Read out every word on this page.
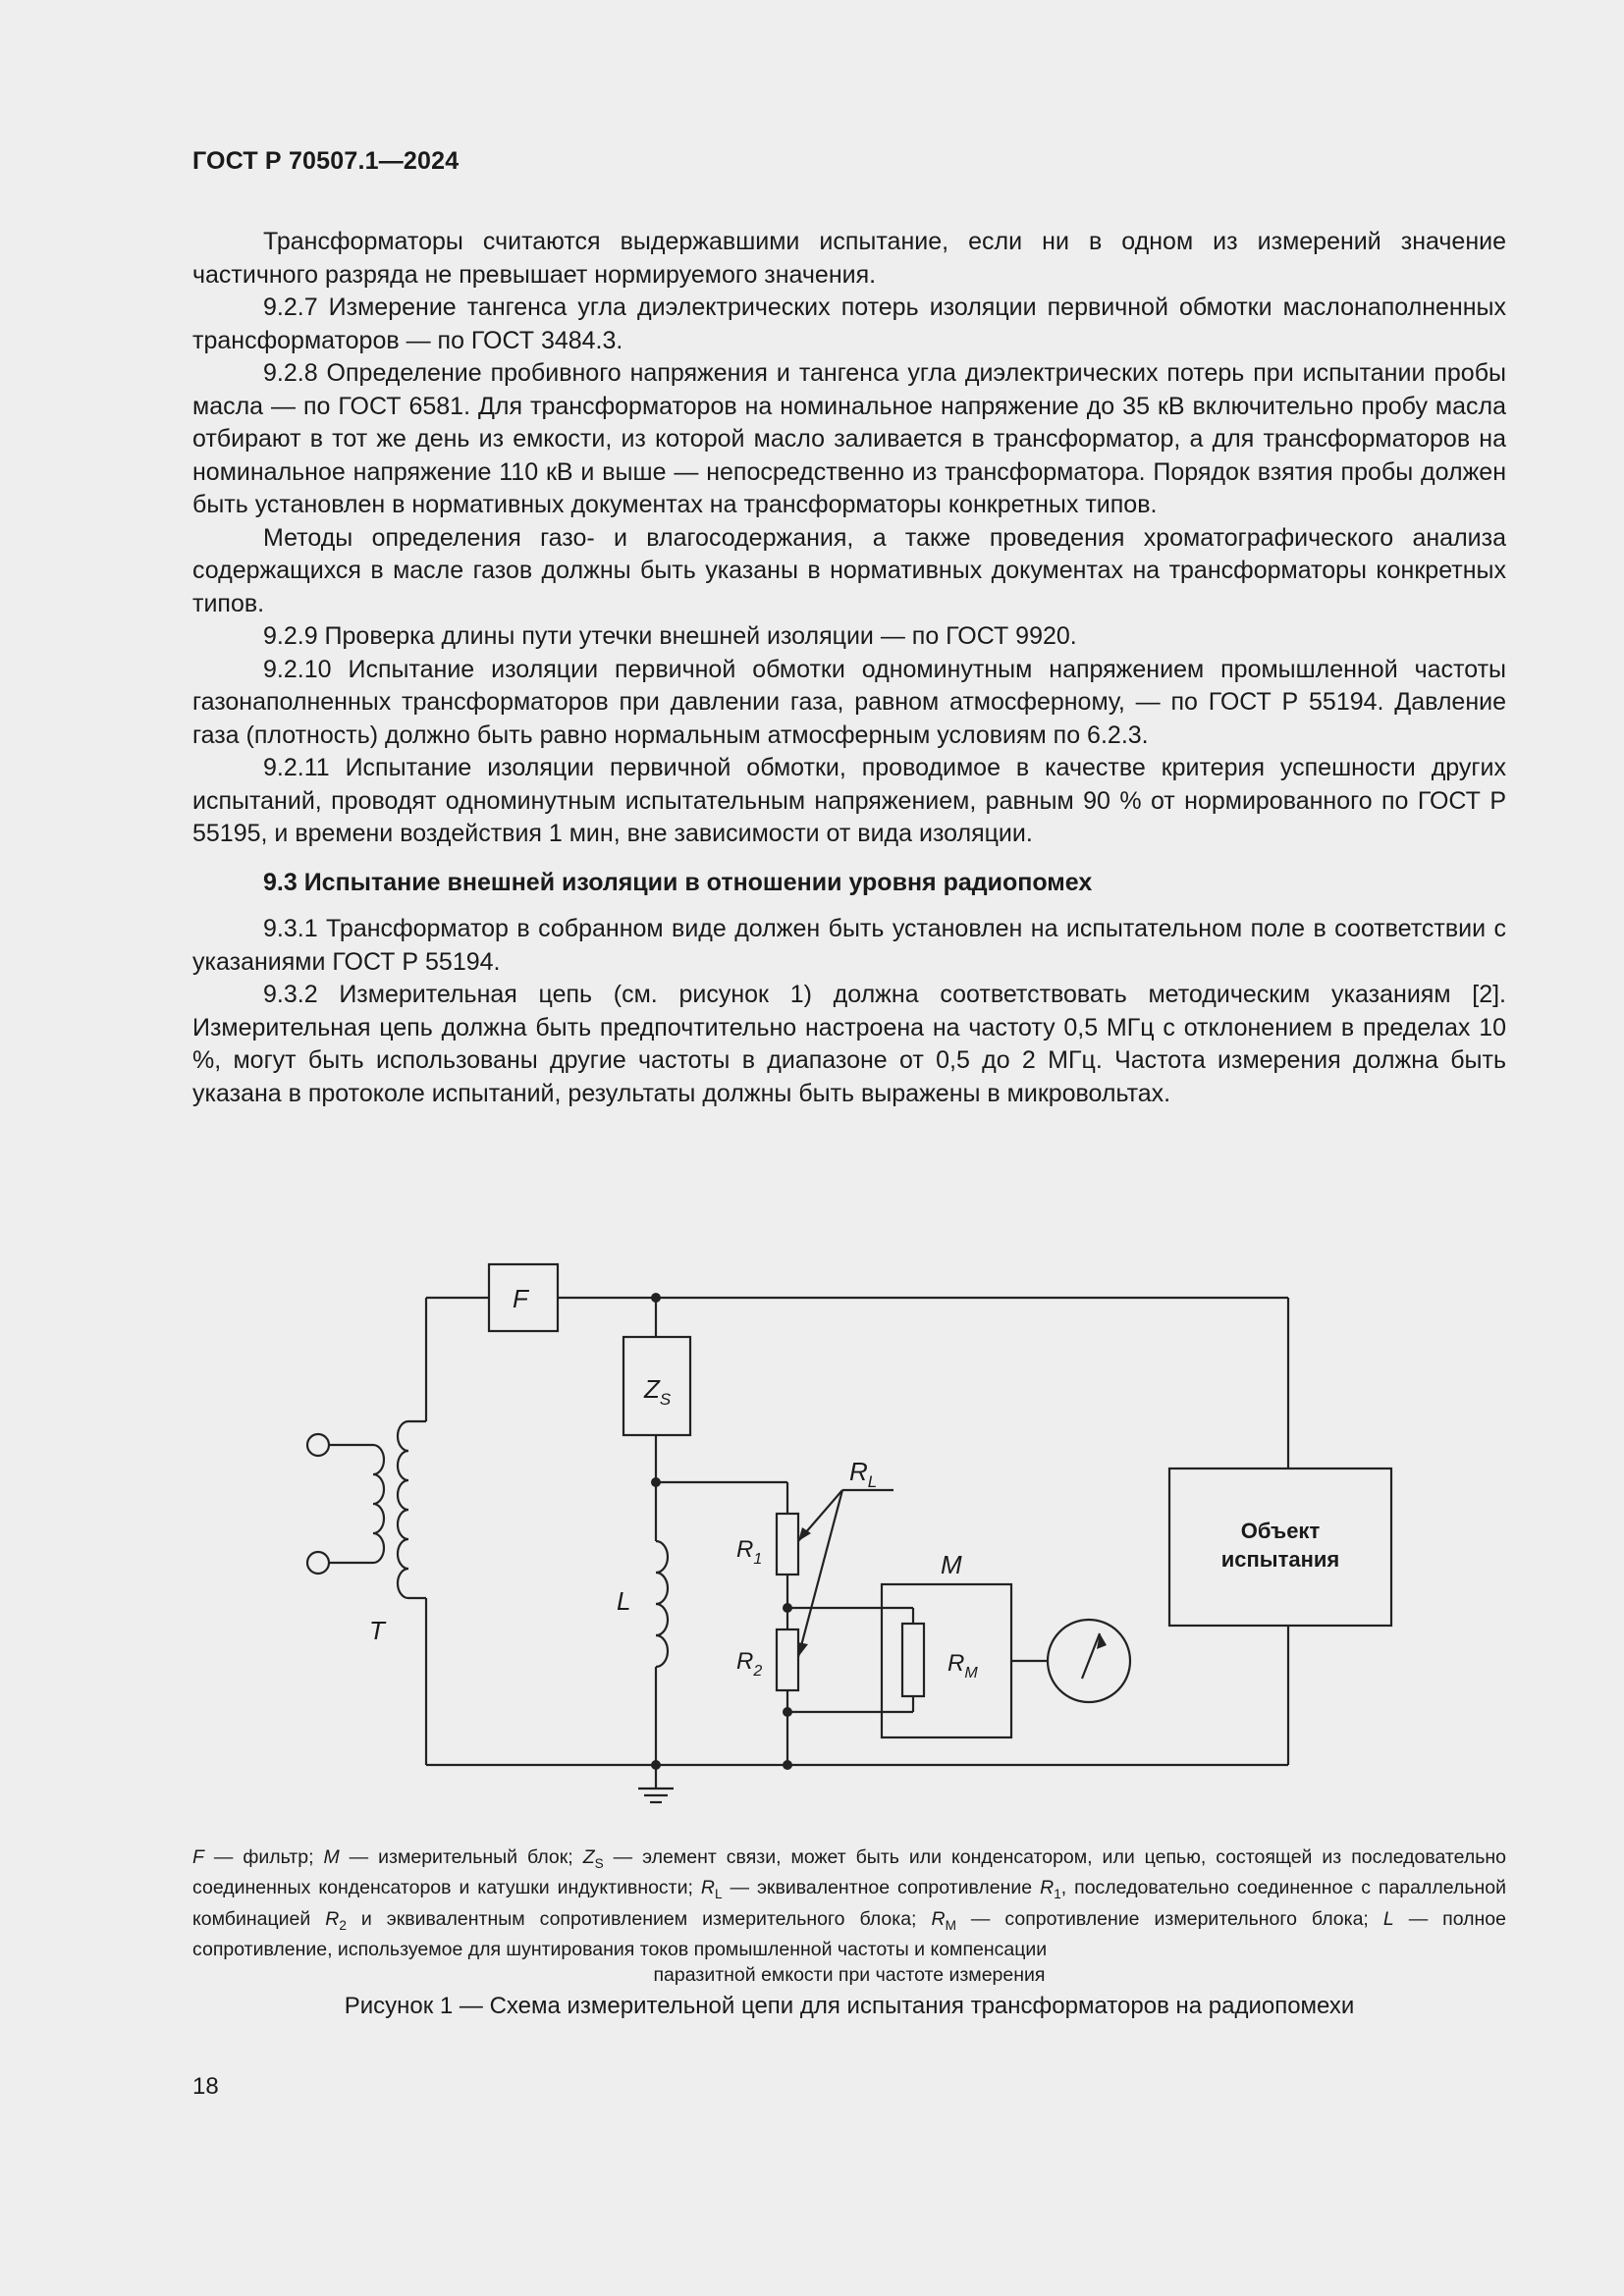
ГОСТ Р 70507.1—2024

Трансформаторы считаются выдержавшими испытание, если ни в одном из измерений значение частичного разряда не превышает нормируемого значения.

9.2.7 Измерение тангенса угла диэлектрических потерь изоляции первичной обмотки маслонаполненных трансформаторов — по ГОСТ 3484.3.

9.2.8 Определение пробивного напряжения и тангенса угла диэлектрических потерь при испытании пробы масла — по ГОСТ 6581. Для трансформаторов на номинальное напряжение до 35 кВ включительно пробу масла отбирают в тот же день из емкости, из которой масло заливается в трансформатор, а для трансформаторов на номинальное напряжение 110 кВ и выше — непосредственно из трансформатора. Порядок взятия пробы должен быть установлен в нормативных документах на трансформаторы конкретных типов.

Методы определения газо- и влагосодержания, а также проведения хроматографического анализа содержащихся в масле газов должны быть указаны в нормативных документах на трансформаторы конкретных типов.

9.2.9 Проверка длины пути утечки внешней изоляции — по ГОСТ 9920.

9.2.10 Испытание изоляции первичной обмотки одноминутным напряжением промышленной частоты газонаполненных трансформаторов при давлении газа, равном атмосферному, — по ГОСТ Р 55194. Давление газа (плотность) должно быть равно нормальным атмосферным условиям по 6.2.3.

9.2.11 Испытание изоляции первичной обмотки, проводимое в качестве критерия успешности других испытаний, проводят одноминутным испытательным напряжением, равным 90 % от нормированного по ГОСТ Р 55195, и времени воздействия 1 мин, вне зависимости от вида изоляции.

9.3 Испытание внешней изоляции в отношении уровня радиопомех

9.3.1 Трансформатор в собранном виде должен быть установлен на испытательном поле в соответствии с указаниями ГОСТ Р 55194.

9.3.2 Измерительная цепь (см. рисунок 1) должна соответствовать методическим указаниям [2]. Измерительная цепь должна быть предпочтительно настроена на частоту 0,5 МГц с отклонением в пределах 10 %, могут быть использованы другие частоты в диапазоне от 0,5 до 2 МГц. Частота измерения должна быть указана в протоколе испытаний, результаты должны быть выражены в микровольтах.

F
$Z_S$
$R_L$
$R_1$
$R_2$
L
T
M
$R_M$
Объект
испытания
F — фильтр; M — измерительный блок; $Z_S$ — элемент связи, может быть или конденсатором, или цепью, состоящей из последовательно соединенных конденсаторов и катушки индуктивности; $R_L$ — эквивалентное сопротивление $R_1$, последовательно соединенное с параллельной комбинацией $R_2$ и эквивалентным сопротивлением измерительного блока; $R_M$ — сопротивление измерительного блока; L — полное сопротивление, используемое для шунтирования токов промышленной частоты и компенсации
паразитной емкости при частоте измерения
Рисунок 1 — Схема измерительной цепи для испытания трансформаторов на радиопомехи
18
